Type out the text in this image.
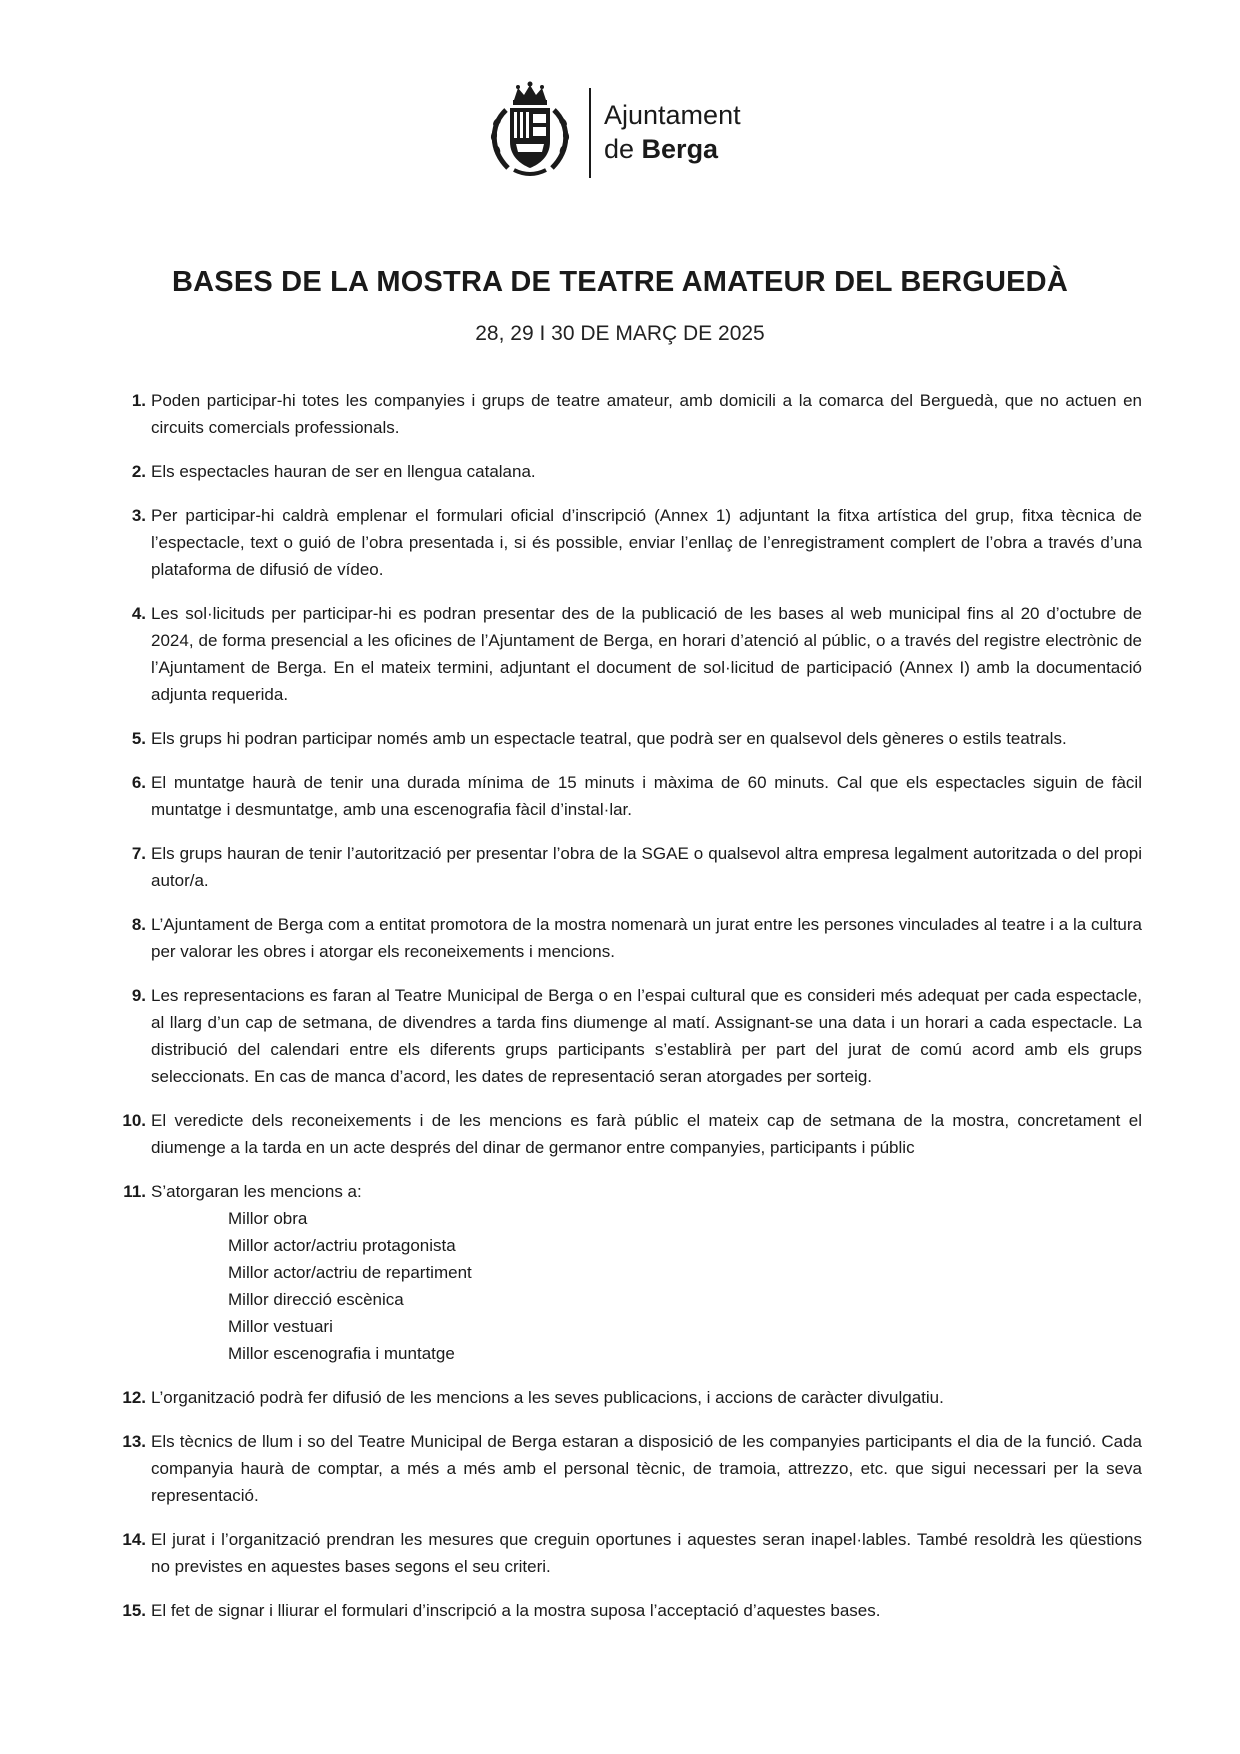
Ajuntament
de Berga
BASES DE LA MOSTRA DE TEATRE AMATEUR DEL BERGUEDÀ

28, 29 I 30 DE MARÇ DE 2025

1. Poden participar-hi totes les companyies i grups de teatre amateur, amb domicili a la comarca del Berguedà, que no actuen en circuits comercials professionals.
2. Els espectacles hauran de ser en llengua catalana.
3. Per participar-hi caldrà emplenar el formulari oficial d’inscripció (Annex 1) adjuntant la fitxa artística del grup, fitxa tècnica de l’espectacle, text o guió de l’obra presentada i, si és possible, enviar l’enllaç de l’enregistrament complert de l’obra a través d’una plataforma de difusió de vídeo.
4. Les sol·licituds per participar-hi es podran presentar des de la publicació de les bases al web municipal fins al 20 d’octubre de 2024, de forma presencial a les oficines de l’Ajuntament de Berga, en horari d’atenció al públic, o a través del registre electrònic de l’Ajuntament de Berga. En el mateix termini, adjuntant el document de sol·licitud de participació (Annex I) amb la documentació adjunta requerida.
5. Els grups hi podran participar només amb un espectacle teatral, que podrà ser en qualsevol dels gèneres o estils teatrals.
6. El muntatge haurà de tenir una durada mínima de 15 minuts i màxima de 60 minuts. Cal que els espectacles siguin de fàcil muntatge i desmuntatge, amb una escenografia fàcil d’instal·lar.
7. Els grups hauran de tenir l’autorització per presentar l’obra de la SGAE o qualsevol altra empresa legalment autoritzada o del propi autor/a.
8. L’Ajuntament de Berga com a entitat promotora de la mostra nomenarà un jurat entre les persones vinculades al teatre i a la cultura per valorar les obres i atorgar els reconeixements i mencions.
9. Les representacions es faran al Teatre Municipal de Berga o en l’espai cultural que es consideri més adequat per cada espectacle, al llarg d’un cap de setmana, de divendres a tarda fins diumenge al matí. Assignant-se una data i un horari a cada espectacle. La distribució del calendari entre els diferents grups participants s’establirà per part del jurat de comú acord amb els grups seleccionats. En cas de manca d’acord, les dates de representació seran atorgades per sorteig.
10. El veredicte dels reconeixements i de les mencions es farà públic el mateix cap de setmana de la mostra, concretament el diumenge a la tarda en un acte després del dinar de germanor entre companyies, participants i públic
11. S’atorgaran les mencions a:
Millor obra
Millor actor/actriu protagonista
Millor actor/actriu de repartiment
Millor direcció escènica
Millor vestuari
Millor escenografia i muntatge
12. L’organització podrà fer difusió de les mencions a les seves publicacions, i accions de caràcter divulgatiu.
13. Els tècnics de llum i so del Teatre Municipal de Berga estaran a disposició de les companyies participants el dia de la funció. Cada companyia haurà de comptar, a més a més amb el personal tècnic, de tramoia, attrezzo, etc. que sigui necessari per la seva representació.
14. El jurat i l’organització prendran les mesures que creguin oportunes i aquestes seran inapel·lables. També resoldrà les qüestions no previstes en aquestes bases segons el seu criteri.
15. El fet de signar i lliurar el formulari d’inscripció a la mostra suposa l’acceptació d’aquestes bases.
